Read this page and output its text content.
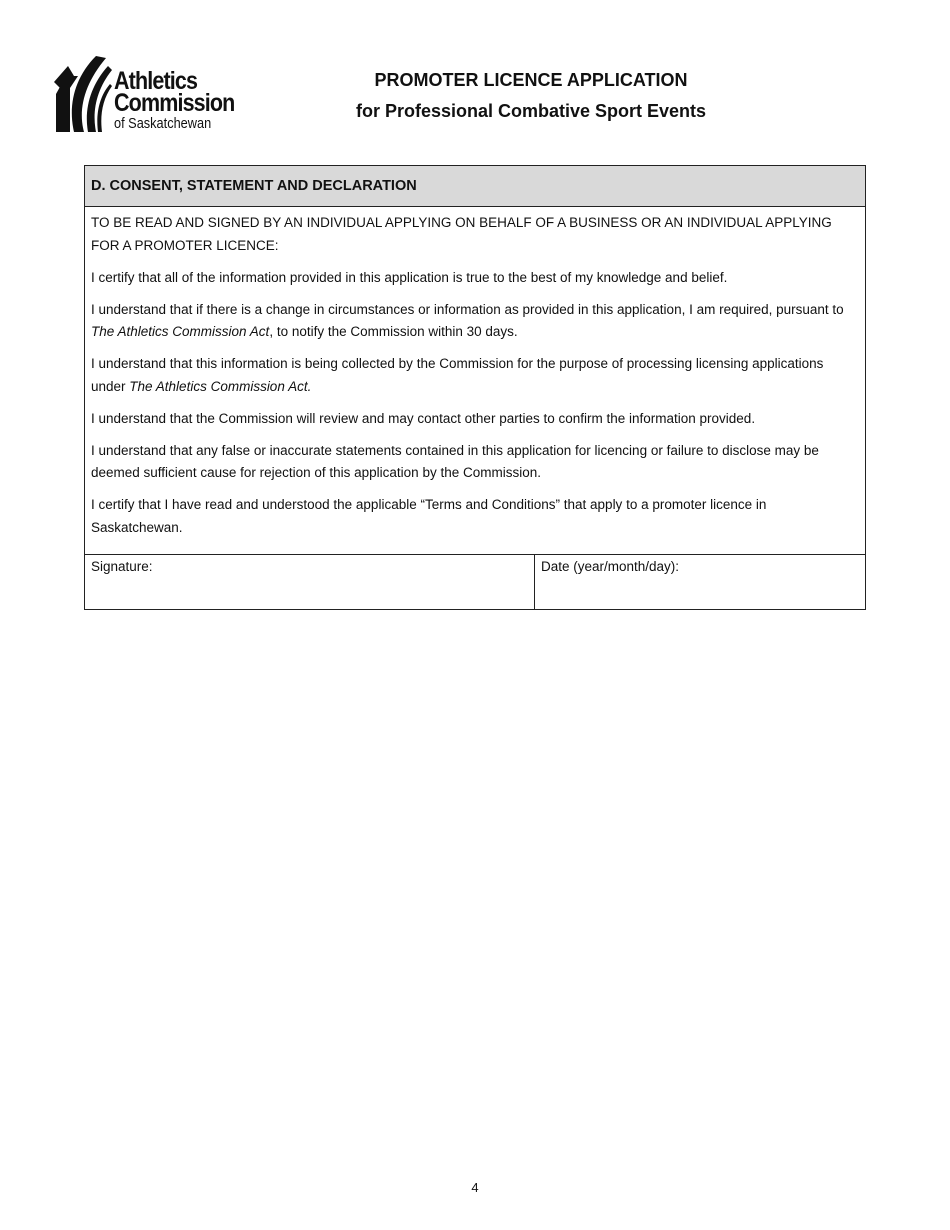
Athletics
Commission
of Saskatchewan
PROMOTER LICENCE APPLICATION
for Professional Combative Sport Events
D. CONSENT, STATEMENT AND DECLARATION

TO BE READ AND SIGNED BY AN INDIVIDUAL APPLYING ON BEHALF OF A BUSINESS OR AN INDIVIDUAL APPLYING FOR A PROMOTER LICENCE:

I certify that all of the information provided in this application is true to the best of my knowledge and belief.

I understand that if there is a change in circumstances or information as provided in this application, I am required, pursuant to The Athletics Commission Act, to notify the Commission within 30 days.

I understand that this information is being collected by the Commission for the purpose of processing licensing applications under The Athletics Commission Act.

I understand that the Commission will review and may contact other parties to confirm the information provided.

I understand that any false or inaccurate statements contained in this application for licencing or failure to disclose may be deemed sufficient cause for rejection of this application by the Commission.

I certify that I have read and understood the applicable “Terms and Conditions” that apply to a promoter licence in Saskatchewan.

Signature:	Date (year/month/day):
4
